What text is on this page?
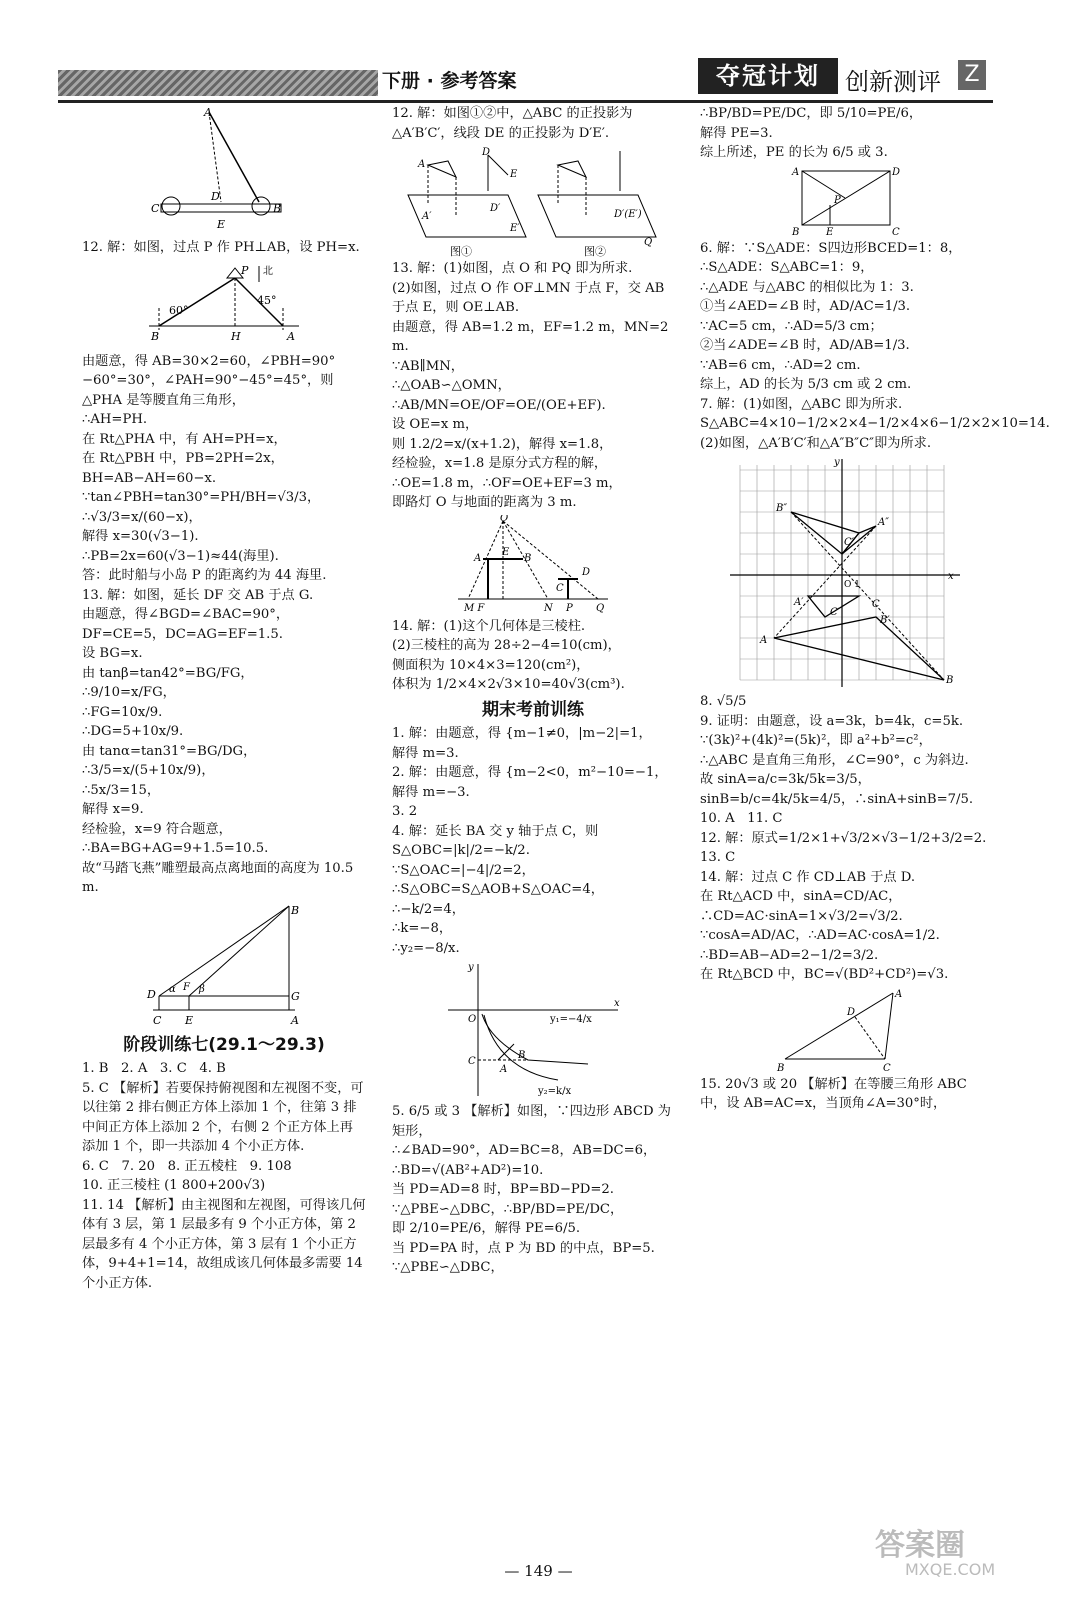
下册 · 参考答案	夺冠计划	创新测评 Z
A
D
C	B
E

12. 解：如图，过点 P 作 PH⊥AB，设 PH=x.

北
60°
45°
P
B	H	A

由题意，得 AB=30×2=60，∠PBH=90°−60°=30°，∠PAH=90°−45°=45°，则△PHA 是等腰直角三角形，

∴AH=PH.

在 Rt△PHA 中，有 AH=PH=x，

在 Rt△PBH 中，PB=2PH=2x，BH=AB−AH=60−x.

∵tan∠PBH=tan30°=PH/BH=√3/3，

∴√3/3=x/(60−x)，

解得 x=30(√3−1).

∴PB=2x=60(√3−1)≈44(海里).

答：此时船与小岛 P 的距离约为 44 海里.

13. 解：如图，延长 DF 交 AB 于点 G.

由题意，得∠BGD=∠BAC=90°，DF=CE=5，DC=AG=EF=1.5.

设 BG=x.

由 tanβ=tan42°=BG/FG，

∴9/10=x/FG，

∴FG=10x/9.

∴DG=5+10x/9.

由 tanα=tan31°=BG/DG，

∴3/5=x/(5+10x/9)，

∴5x/3=15，

解得 x=9.

经检验，x=9 符合题意，

∴BA=BG+AG=9+1.5=10.5.

故“马踏飞燕”雕塑最高点离地面的高度为 10.5 m.

B
D α F β
G
C E	A

阶段训练七(29.1～29.3)

1. B   2. A   3. C   4. B

5. C 【解析】若要保持俯视图和左视图不变，可以往第 2 排右侧正方体上添加 1 个，往第 3 排中间正方体上添加 2 个，右侧 2 个正方体上再添加 1 个，即一共添加 4 个小正方体.

6. C   7. 20   8. 正五棱柱   9. 108

10. 正三棱柱 (1 800+200√3)

11. 14 【解析】由主视图和左视图，可得该几何体有 3 层，第 1 层最多有 9 个小正方体，第 2 层最多有 4 个小正方体，第 3 层有 1 个小正方体，9+4+1=14，故组成该几何体最多需要 14 个小正方体.

12. 解：如图①②中，△ABC 的正投影为△A′B′C′，线段 DE 的正投影为 D′E′.

A
D
E
A′
D′
E′
D′(E′)
Q
图①	图②

13. 解：(1)如图，点 O 和 PQ 即为所求.

(2)如图，过点 O 作 OF⊥MN 于点 F，交 AB 于点 E，则 OE⊥AB.

由题意，得 AB=1.2 m，EF=1.2 m，MN=2 m.

∵AB∥MN，

∴△OAB∽△OMN，

∴AB/MN=OE/OF=OE/(OE+EF).

设 OE=x m，

则 1.2/2=x/(x+1.2)，解得 x=1.8，

经检验，x=1.8 是原分式方程的解，

∴OE=1.8 m，∴OF=OE+EF=3 m，

即路灯 O 与地面的距离为 3 m.

O
A
E
B
D
C
M F	N P Q

14. 解：(1)这个几何体是三棱柱.

(2)三棱柱的高为 28÷2−4=10(cm)，

侧面积为 10×4×3=120(cm²)，

体积为 1/2×4×2√3×10=40√3(cm³).

期末考前训练

1. 解：由题意，得 {m−1≠0，|m−2|=1，

解得 m=3.

2. 解：由题意，得 {m−2<0，m²−10=−1，

解得 m=−3.

3. 2

4. 解：延长 BA 交 y 轴于点 C，则 S△OBC=|k|/2=−k/2.

∵S△OAC=|−4|/2=2，

∴S△OBC=S△AOB+S△OAC=4，

∴−k/2=4，

∴k=−8，

∴y₂=−8/x.

y
x
O
C
A
B
y₁=−4/x
y₂=k/x

5. 6/5 或 3 【解析】如图，∵四边形 ABCD 为矩形，

∴∠BAD=90°，AD=BC=8，AB=DC=6，∴BD=√(AB²+AD²)=10.

当 PD=AD=8 时，BP=BD−PD=2.

∵△PBE∽△DBC，∴BP/BD=PE/DC，

即 2/10=PE/6，解得 PE=6/5.

当 PD=PA 时，点 P 为 BD 的中点，BP=5.

∵△PBE∽△DBC，

∴BP/BD=PE/DC，即 5/10=PE/6，

解得 PE=3.

综上所述，PE 的长为 6/5 或 3.

A	D
B	C
E
P

6. 解：∵S△ADE：S四边形BCED=1：8，

∴S△ADE：S△ABC=1：9，

∴△ADE 与△ABC 的相似比为 1：3.

①当∠AED=∠B 时，AD/AC=1/3.

∵AC=5 cm，∴AD=5/3 cm；

②当∠ADE=∠B 时，AD/AB=1/3.

∵AB=6 cm，∴AD=2 cm.

综上，AD 的长为 5/3 cm 或 2 cm.

7. 解：(1)如图，△ABC 即为所求.

S△ABC=4×10−1/2×2×4−1/2×4×6−1/2×2×10=14.

(2)如图，△A′B′C′和△A″B″C″即为所求.

x
y
B″
A″
C″
A′
B′
C′
A
B
C
O 1

8. √5/5

9. 证明：由题意，设 a=3k，b=4k，c=5k.

∵(3k)²+(4k)²=(5k)²，即 a²+b²=c²，

∴△ABC 是直角三角形，∠C=90°，c 为斜边.

故 sinA=a/c=3k/5k=3/5，sinB=b/c=4k/5k=4/5，∴sinA+sinB=7/5.

10. A   11. C

12. 解：原式=1/2×1+√3/2×√3−1/2+3/2=2.

13. C

14. 解：过点 C 作 CD⊥AB 于点 D.

在 Rt△ACD 中，sinA=CD/AC，∴CD=AC·sinA=1×√3/2=√3/2.

∵cosA=AD/AC，∴AD=AC·cosA=1/2.

∴BD=AB−AD=2−1/2=3/2.

在 Rt△BCD 中，BC=√(BD²+CD²)=√3.

A
D
B	C

15. 20√3 或 20 【解析】在等腰三角形 ABC 中，设 AB=AC=x，当顶角∠A=30°时，

— 149 —
答案圈
MXQE.COM
